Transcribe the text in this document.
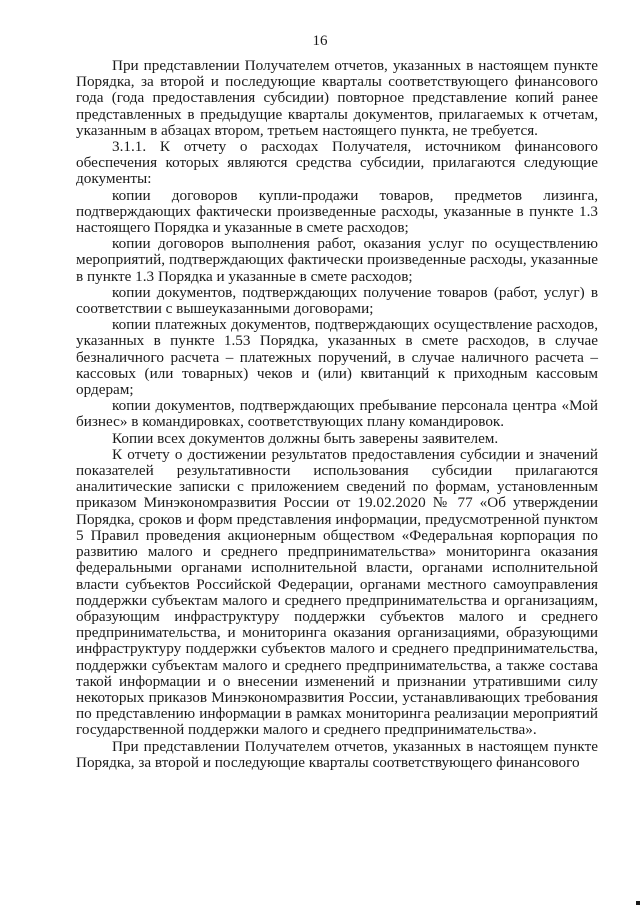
16

При представлении Получателем отчетов, указанных в настоящем пункте Порядка, за второй и последующие кварталы соответствующего финансового года (года предоставления субсидии) повторное представление копий ранее представленных в предыдущие кварталы документов, прилагаемых к отчетам, указанным в абзацах втором, третьем настоящего пункта, не требуется.

3.1.1. К отчету о расходах Получателя, источником финансового обеспечения которых являются средства субсидии, прилагаются следующие документы:

копии договоров купли-продажи товаров, предметов лизинга, подтверждающих фактически произведенные расходы, указанные в пункте 1.3 настоящего Порядка и указанные в смете расходов;

копии договоров выполнения работ, оказания услуг по осуществлению мероприятий, подтверждающих фактически произведенные расходы, указанные в пункте 1.3 Порядка и указанные в смете расходов;

копии документов, подтверждающих получение товаров (работ, услуг) в соответствии с вышеуказанными договорами;

копии платежных документов, подтверждающих осуществление расходов, указанных в пункте 1.53 Порядка, указанных в смете расходов, в случае безналичного расчета – платежных поручений, в случае наличного расчета – кассовых (или товарных) чеков и (или) квитанций к приходным кассовым ордерам;

копии документов, подтверждающих пребывание персонала центра «Мой бизнес» в командировках, соответствующих плану командировок.

Копии всех документов должны быть заверены заявителем.

К отчету о достижении результатов предоставления субсидии и значений показателей результативности использования субсидии прилагаются аналитические записки с приложением сведений по формам, установленным приказом Минэкономразвития России от 19.02.2020 № 77 «Об утверждении Порядка, сроков и форм представления информации, предусмотренной пунктом 5 Правил проведения акционерным обществом «Федеральная корпорация по развитию малого и среднего предпринимательства» мониторинга оказания федеральными органами исполнительной власти, органами исполнительной власти субъектов Российской Федерации, органами местного самоуправления поддержки субъектам малого и среднего предпринимательства и организациям, образующим инфраструктуру поддержки субъектов малого и среднего предпринимательства, и мониторинга оказания организациями, образующими инфраструктуру поддержки субъектов малого и среднего предпринимательства, поддержки субъектам малого и среднего предпринимательства, а также состава такой информации и о внесении изменений и признании утратившими силу некоторых приказов Минэкономразвития России, устанавливающих требования по представлению информации в рамках мониторинга реализации мероприятий государственной поддержки малого и среднего предпринимательства».

При представлении Получателем отчетов, указанных в настоящем пункте Порядка, за второй и последующие кварталы соответствующего финансового
